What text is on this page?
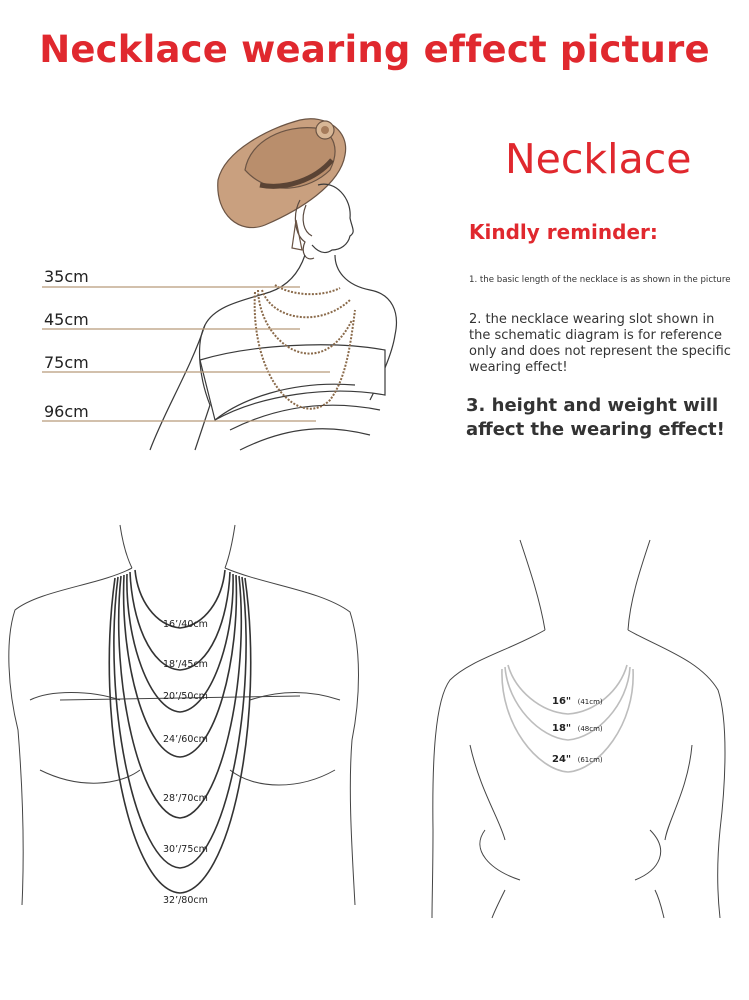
Necklace wearing effect picture
35cm
45cm
75cm
96cm
16’/40cm
18’/45cm
20’/50cm
24’/60cm
28’/70cm
30’/75cm
32’/80cm
16" (41cm)
18" (48cm)
24" (61cm)
Necklace
Kindly reminder:
1. the basic length of the necklace is as shown in the picture
2. the necklace wearing slot shown in the schematic diagram is for reference only and does not represent the specific wearing effect!
3. height and weight will affect the wearing effect!
